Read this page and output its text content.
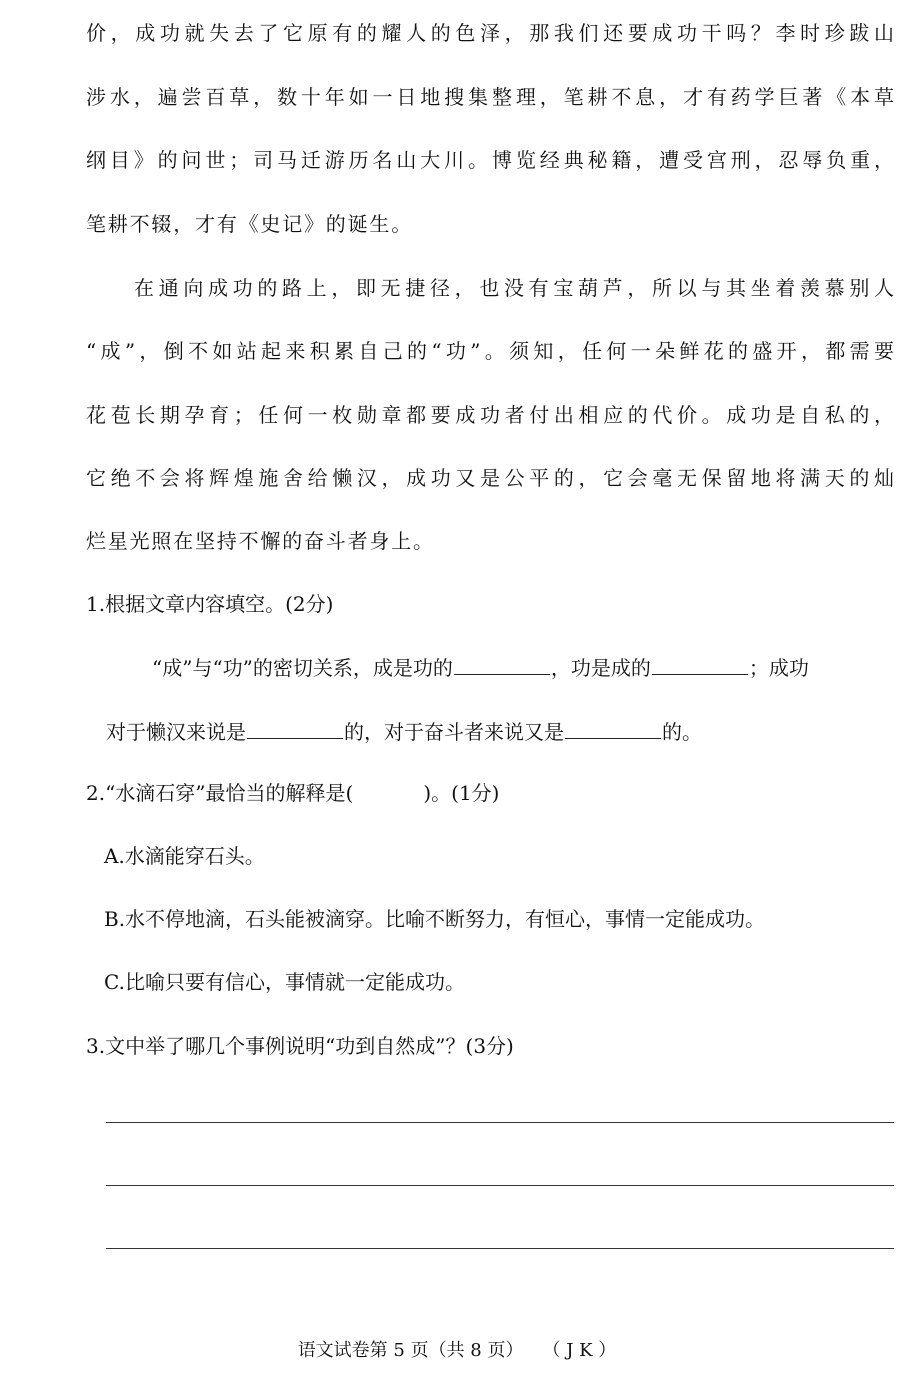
价，成功就失去了它原有的耀人的色泽，那我们还要成功干吗？李时珍跋山
涉水，遍尝百草，数十年如一日地搜集整理，笔耕不息，才有药学巨著《本草
纲目》的问世；司马迁游历名山大川。博览经典秘籍，遭受宫刑，忍辱负重，
笔耕不辍，才有《史记》的诞生。
在通向成功的路上，即无捷径，也没有宝葫芦，所以与其坐着羡慕别人
“成”，倒不如站起来积累自己的“功”。须知，任何一朵鲜花的盛开，都需要
花苞长期孕育；任何一枚勋章都要成功者付出相应的代价。成功是自私的，
它绝不会将辉煌施舍给懒汉，成功又是公平的，它会毫无保留地将满天的灿
烂星光照在坚持不懈的奋斗者身上。
1.根据文章内容填空。(2分)
“成”与“功”的密切关系，成是功的	，功是成的	；成功
对于懒汉来说是	的，对于奋斗者来说又是	的。
2.“水滴石穿”最恰当的解释是(	)。(1分)
A.水滴能穿石头。
B.水不停地滴，石头能被滴穿。比喻不断努力，有恒心，事情一定能成功。
C.比喻只要有信心，事情就一定能成功。
3.文中举了哪几个事例说明“功到自然成”？(3分)
语文试卷第 5 页（共 8 页） （ J K ）
